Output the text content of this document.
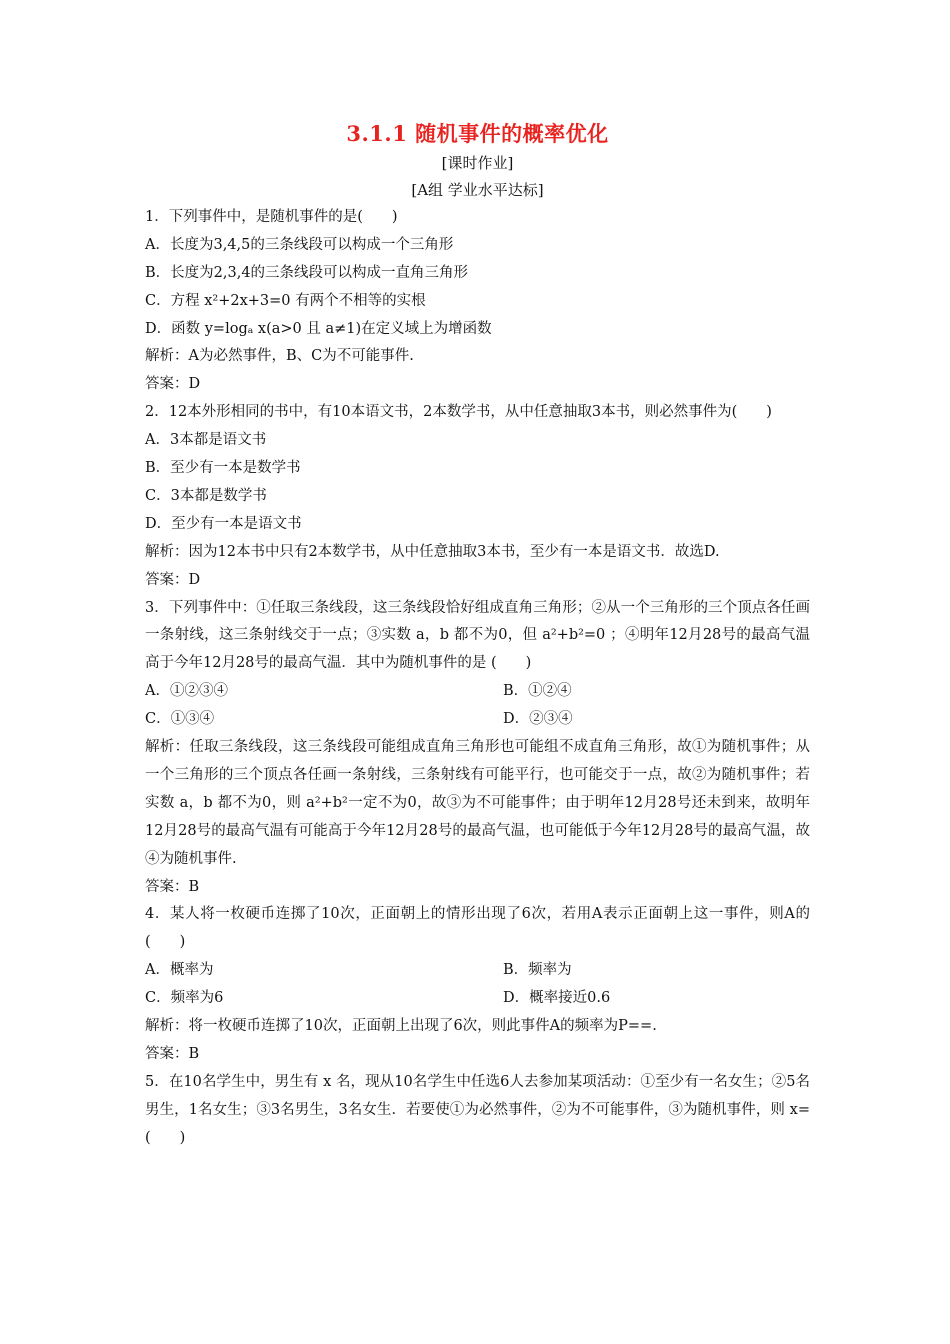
3.1.1 随机事件的概率优化
[课时作业]
[A组 学业水平达标]
1．下列事件中，是随机事件的是(　　)
A．长度为3,4,5的三条线段可以构成一个三角形
B．长度为2,3,4的三条线段可以构成一直角三角形
C．方程 x²+2x+3=0 有两个不相等的实根
D．函数 y=logₐ x(a>0 且 a≠1)在定义域上为增函数
解析：A为必然事件，B、C为不可能事件.
答案：D
2．12本外形相同的书中，有10本语文书，2本数学书，从中任意抽取3本书，则必然事件为(　　)
A．3本都是语文书
B．至少有一本是数学书
C．3本都是数学书
D．至少有一本是语文书
解析：因为12本书中只有2本数学书，从中任意抽取3本书，至少有一本是语文书．故选D.
答案：D
3．下列事件中：①任取三条线段，这三条线段恰好组成直角三角形；②从一个三角形的三个顶点各任画一条射线，这三条射线交于一点；③实数 a，b 都不为0，但 a²+b²=0 ；④明年12月28号的最高气温高于今年12月28号的最高气温．其中为随机事件的是 (　　)
A．①②③④	B．①②④
C．①③④	D．②③④
解析：任取三条线段，这三条线段可能组成直角三角形也可能组不成直角三角形，故①为随机事件；从一个三角形的三个顶点各任画一条射线，三条射线有可能平行，也可能交于一点，故②为随机事件；若实数 a，b 都不为0，则 a²+b²一定不为0，故③为不可能事件；由于明年12月28号还未到来，故明年12月28号的最高气温有可能高于今年12月28号的最高气温，也可能低于今年12月28号的最高气温，故④为随机事件.
答案：B
4．某人将一枚硬币连掷了10次，正面朝上的情形出现了6次，若用A表示正面朝上这一事件，则A的(　　)
A．概率为	B．频率为
C．频率为6	D．概率接近0.6
解析：将一枚硬币连掷了10次，正面朝上出现了6次，则此事件A的频率为P==.
答案：B
5．在10名学生中，男生有 x 名，现从10名学生中任选6人去参加某项活动：①至少有一名女生；②5名男生，1名女生；③3名男生，3名女生．若要使①为必然事件，②为不可能事件，③为随机事件，则 x=(　　)
